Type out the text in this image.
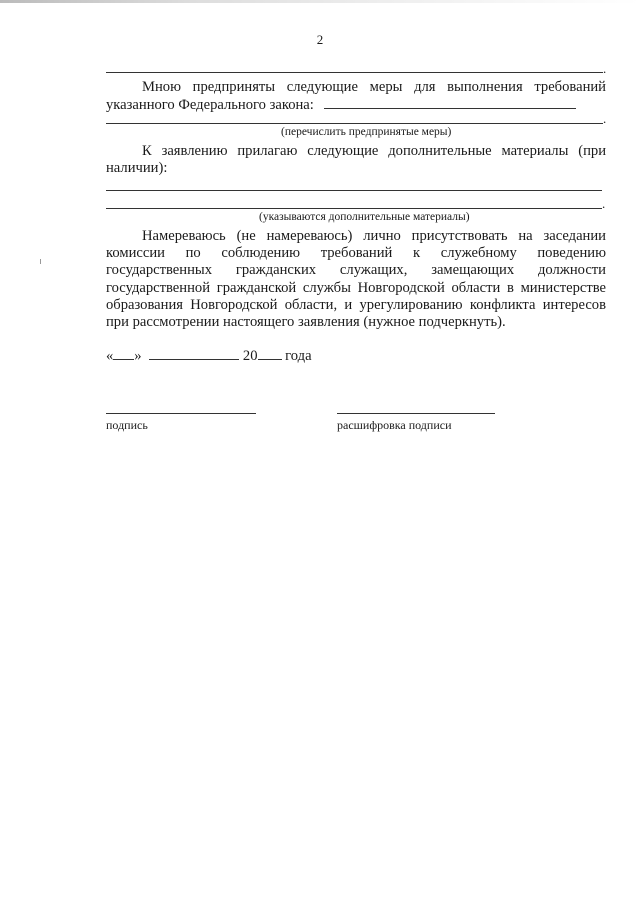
2
.
Мною предприняты следующие меры для выполнения требований
указанного Федерального закона:
.
(перечислить предпринятые меры)
К заявлению прилагаю следующие дополнительные материалы (при
наличии):
.
(указываются дополнительные материалы)
Намереваюсь (не намереваюсь) лично присутствовать на заседании
комиссии по соблюдению требований к служебному поведению
государственных гражданских служащих, замещающих должности
государственной гражданской службы Новгородской области в министерстве
образования Новгородской области, и урегулированию конфликта интересов
при рассмотрении настоящего заявления (нужное подчеркнуть).
« »	20 года
подпись	расшифровка подписи
